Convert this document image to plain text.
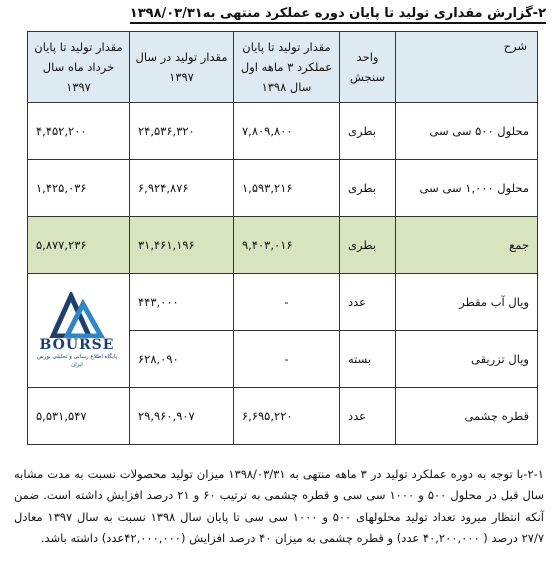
۲-گزارش مقداری تولید تا پایان دوره عملکرد منتهی به۱۳۹۸/۰۳/۳۱
شرح	واحد سنجش	مقدار تولید تا پایان عملکرد ۳ ماهه اول سال ۱۳۹۸	مقدار تولید در سال ۱۳۹۷	مقدار تولید تا پایان خرداد ماه سال ۱۳۹۷
محلول ۵۰۰ سی سی	بطری	۷,۸۰۹,۸۰۰	۲۴,۵۳۶,۳۲۰	۴,۴۵۲,۲۰۰
محلول ۱,۰۰۰ سی سی	بطری	۱,۵۹۳,۲۱۶	۶,۹۲۴,۸۷۶	۱,۴۲۵,۰۳۶
جمع	بطری	۹,۴۰۳,۰۱۶	۳۱,۴۶۱,۱۹۶	۵,۸۷۷,۲۳۶
ویال آب مقطر	عدد	-	۴۴۳,۰۰۰	BOURSE
پایگاه اطلاع رسانی و تحلیلی بورس ایران

ویال تزریقی	بسته	-	۶۲۸,۰۹۰	
قطره چشمی	عدد	۶,۶۹۵,۲۲۰	۲۹,۹۶۰,۹۰۷	۵,۵۳۱,۵۴۷

۲-۱-با توجه به دوره عملکرد تولید در ۳ ماهه منتهی به ۱۳۹۸/۰۳/۳۱ میزان تولید محصولات نسبت به مدت مشابه سال قبل در محلول ۵۰۰ و ۱۰۰۰ سی سی و قطره چشمی به ترتیب ۶۰ و ۲۱ درصد افزایش داشته است. ضمن آنکه انتظار میرود تعداد تولید محلولهای ۵۰۰ و ۱۰۰۰ سی سی تا پایان سال ۱۳۹۸ نسبت به سال ۱۳۹۷ معادل ۲۷/۷ درصد ( ۴۰,۲۰۰,۰۰۰ عدد) و قطره چشمی به میزان ۴۰ درصد افزایش (۴۲,۰۰۰,۰۰۰عدد) داشته باشد.
